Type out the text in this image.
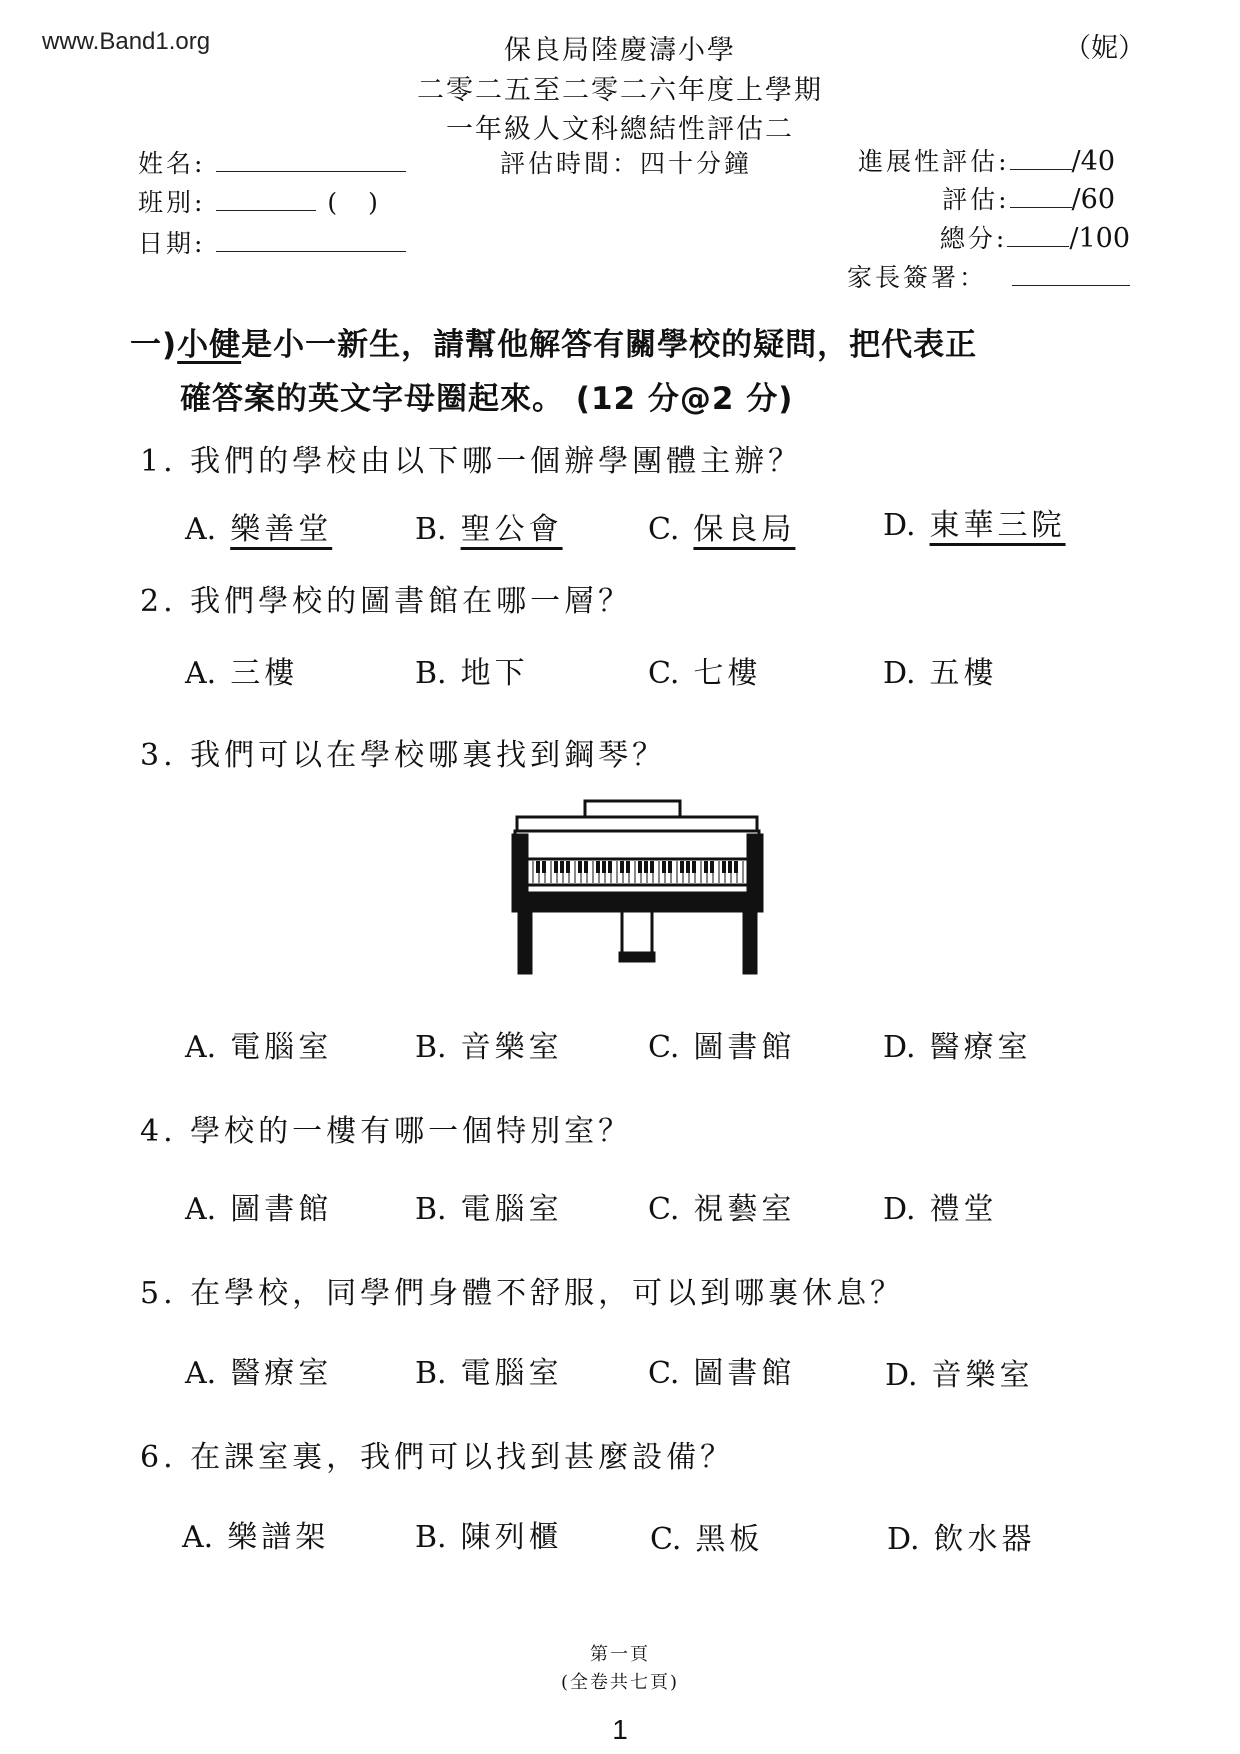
www.Band1.org	保良局陸慶濤小學
二零二五至二零二六年度上學期
一年級人文科總結性評估二
（妮）
姓名:
班別:	(　)
日期:
評估時間：四十分鐘	進展性評估: /40
評估: /60
總分: /100
家長簽署：
一)小健是小一新生，請幫他解答有關學校的疑問，把代表正
確答案的英文字母圈起來。 (12 分@2 分)
1. 我們的學校由以下哪一個辦學團體主辦？
A. 樂善堂	B. 聖公會	C. 保良局	D. 東華三院
2. 我們學校的圖書館在哪一層？
A. 三樓	B. 地下	C. 七樓	D. 五樓
3. 我們可以在學校哪裏找到鋼琴？
A. 電腦室	B. 音樂室	C. 圖書館	D. 醫療室
4. 學校的一樓有哪一個特別室？
A. 圖書館	B. 電腦室	C. 視藝室	D. 禮堂
5. 在學校，同學們身體不舒服，可以到哪裏休息？
A. 醫療室	B. 電腦室	C. 圖書館	D. 音樂室
6. 在課室裏，我們可以找到甚麼設備？
A. 樂譜架	B. 陳列櫃	C. 黑板	D. 飲水器
第一頁
(全卷共七頁)
1
